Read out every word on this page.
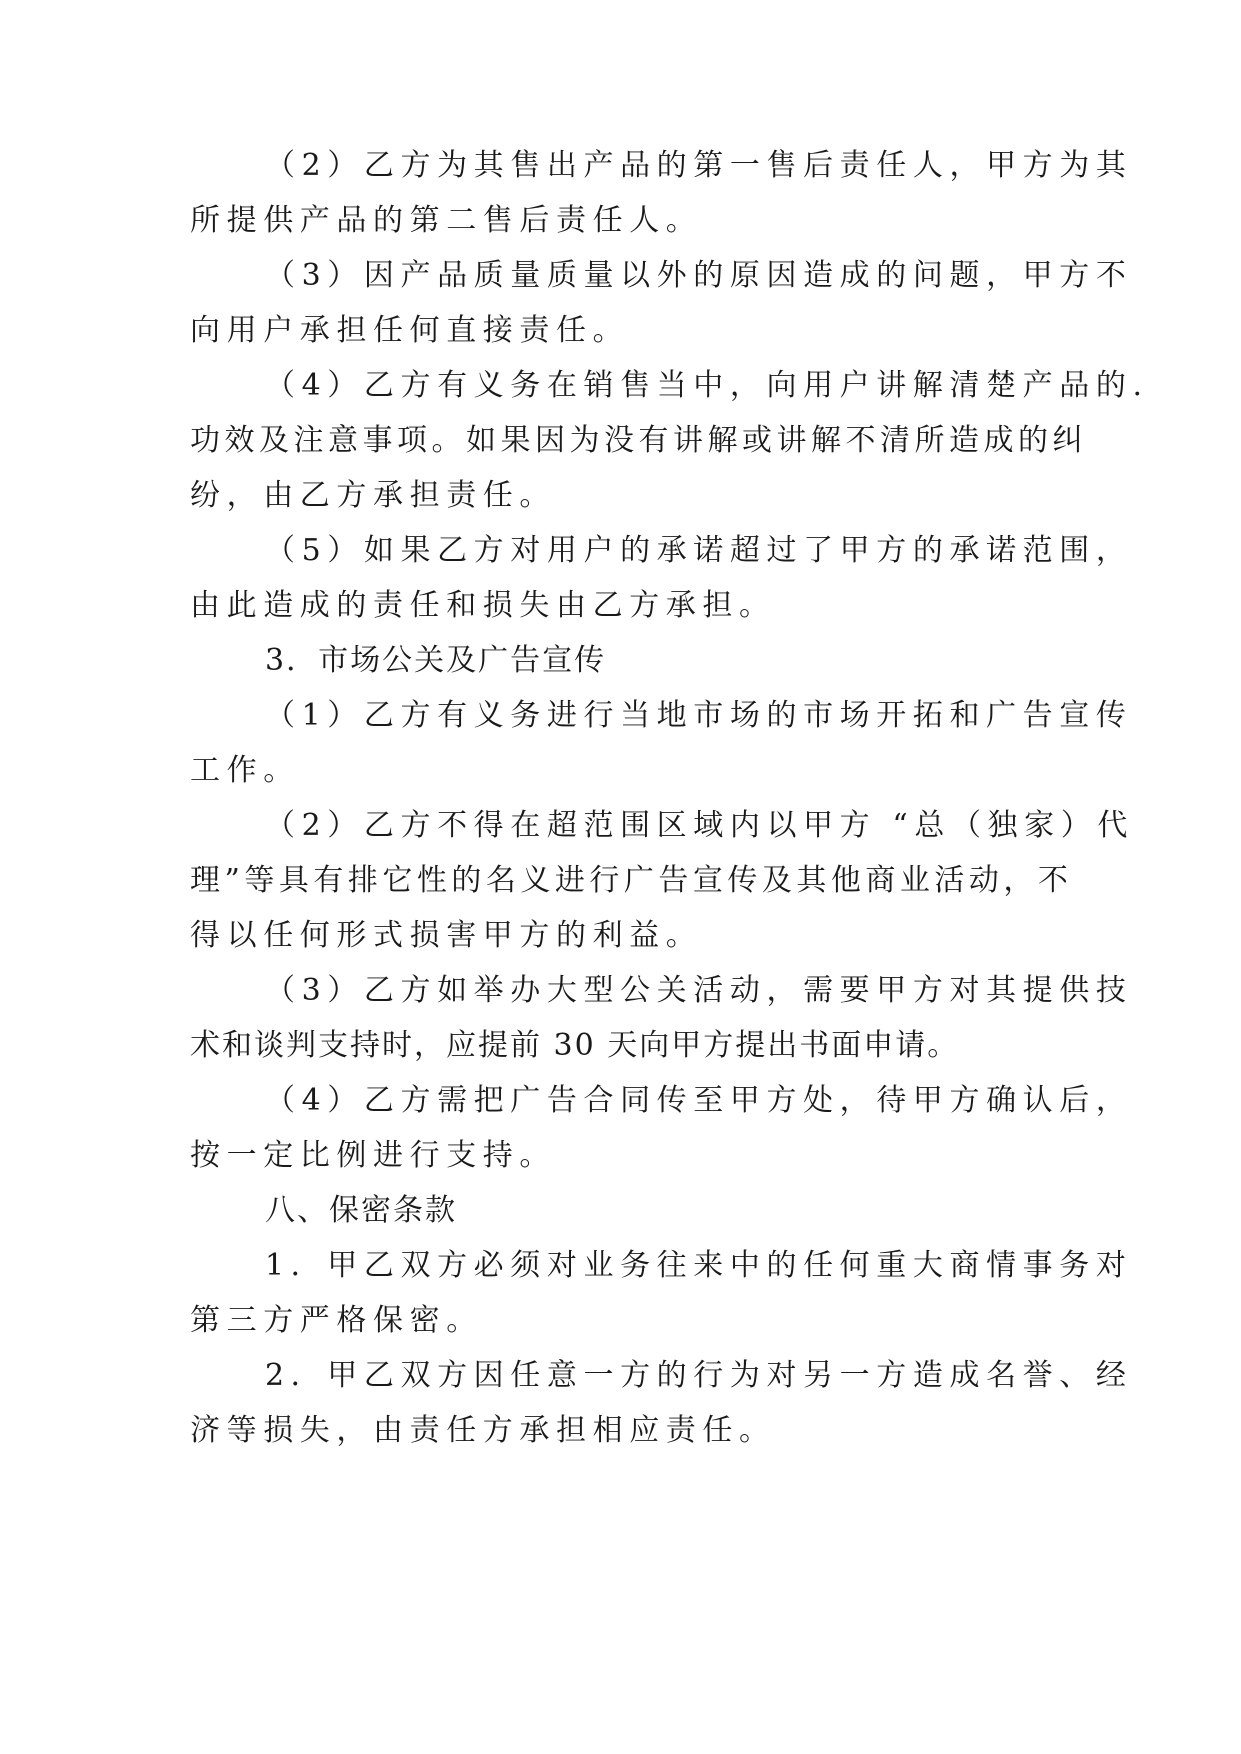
（2）乙方为其售出产品的第一售后责任人，甲方为其
所提供产品的第二售后责任人。
（3）因产品质量质量以外的原因造成的问题，甲方不
向用户承担任何直接责任。
（4）乙方有义务在销售当中，向用户讲解清楚产品的.
功效及注意事项。如果因为没有讲解或讲解不清所造成的纠
纷，由乙方承担责任。
（5）如果乙方对用户的承诺超过了甲方的承诺范围，
由此造成的责任和损失由乙方承担。
3．市场公关及广告宣传
（1）乙方有义务进行当地市场的市场开拓和广告宣传
工作。
（2）乙方不得在超范围区域内以甲方 “总（独家）代
理”等具有排它性的名义进行广告宣传及其他商业活动，不
得以任何形式损害甲方的利益。
（3）乙方如举办大型公关活动，需要甲方对其提供技
术和谈判支持时，应提前 30 天向甲方提出书面申请。
（4）乙方需把广告合同传至甲方处，待甲方确认后，
按一定比例进行支持。
八、保密条款
1．甲乙双方必须对业务往来中的任何重大商情事务对
第三方严格保密。
2．甲乙双方因任意一方的行为对另一方造成名誉、经
济等损失，由责任方承担相应责任。
